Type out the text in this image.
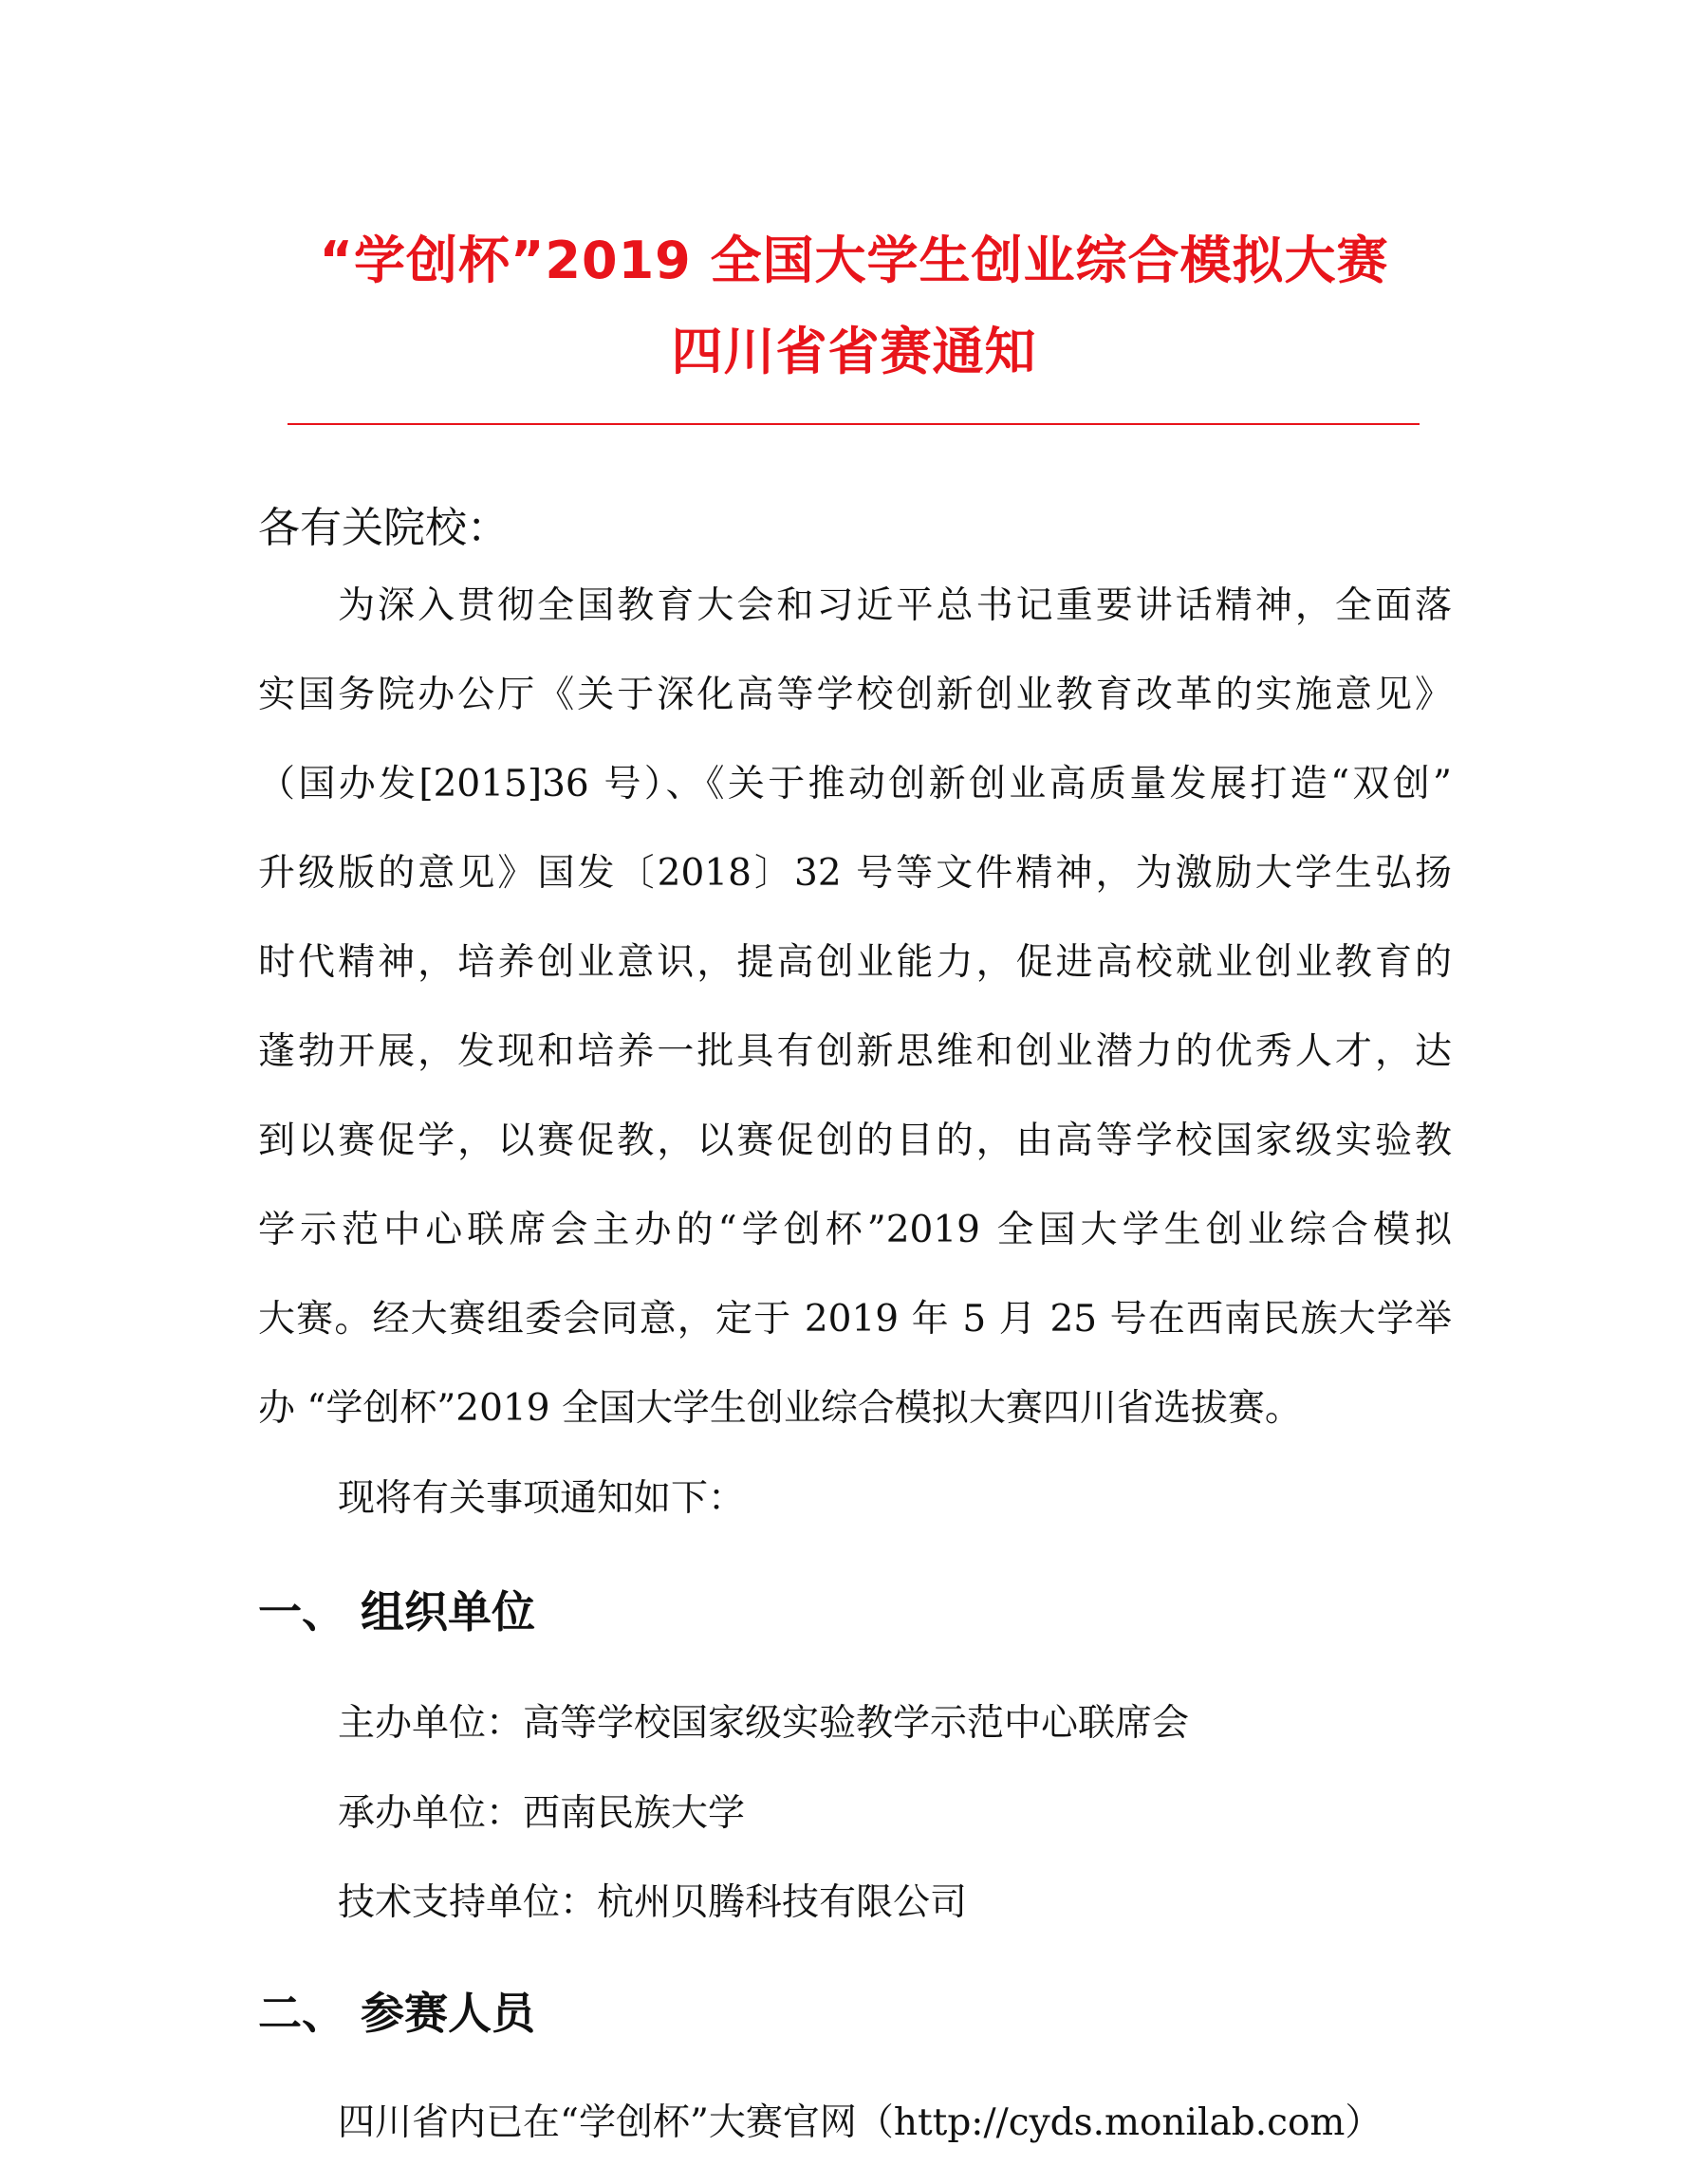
“学创杯”2019 全国大学生创业综合模拟大赛
四川省省赛通知
各有关院校：
为深入贯彻全国教育大会和习近平总书记重要讲话精神，全面落
实国务院办公厅《关于深化高等学校创新创业教育改革的实施意见》
（国办发[2015]36 号）、《关于推动创新创业高质量发展打造“双创”
升级版的意见》国发〔2018〕32 号等文件精神，为激励大学生弘扬
时代精神，培养创业意识，提高创业能力，促进高校就业创业教育的
蓬勃开展，发现和培养一批具有创新思维和创业潜力的优秀人才，达
到以赛促学，以赛促教，以赛促创的目的，由高等学校国家级实验教
学示范中心联席会主办的“学创杯”2019 全国大学生创业综合模拟
大赛。经大赛组委会同意，定于 2019 年 5 月 25 号在西南民族大学举
办 “学创杯”2019 全国大学生创业综合模拟大赛四川省选拔赛。
现将有关事项通知如下：
一、 组织单位
主办单位：高等学校国家级实验教学示范中心联席会
承办单位：西南民族大学
技术支持单位：杭州贝腾科技有限公司
二、 参赛人员
四川省内已在“学创杯”大赛官网（http://cyds.monilab.com）
